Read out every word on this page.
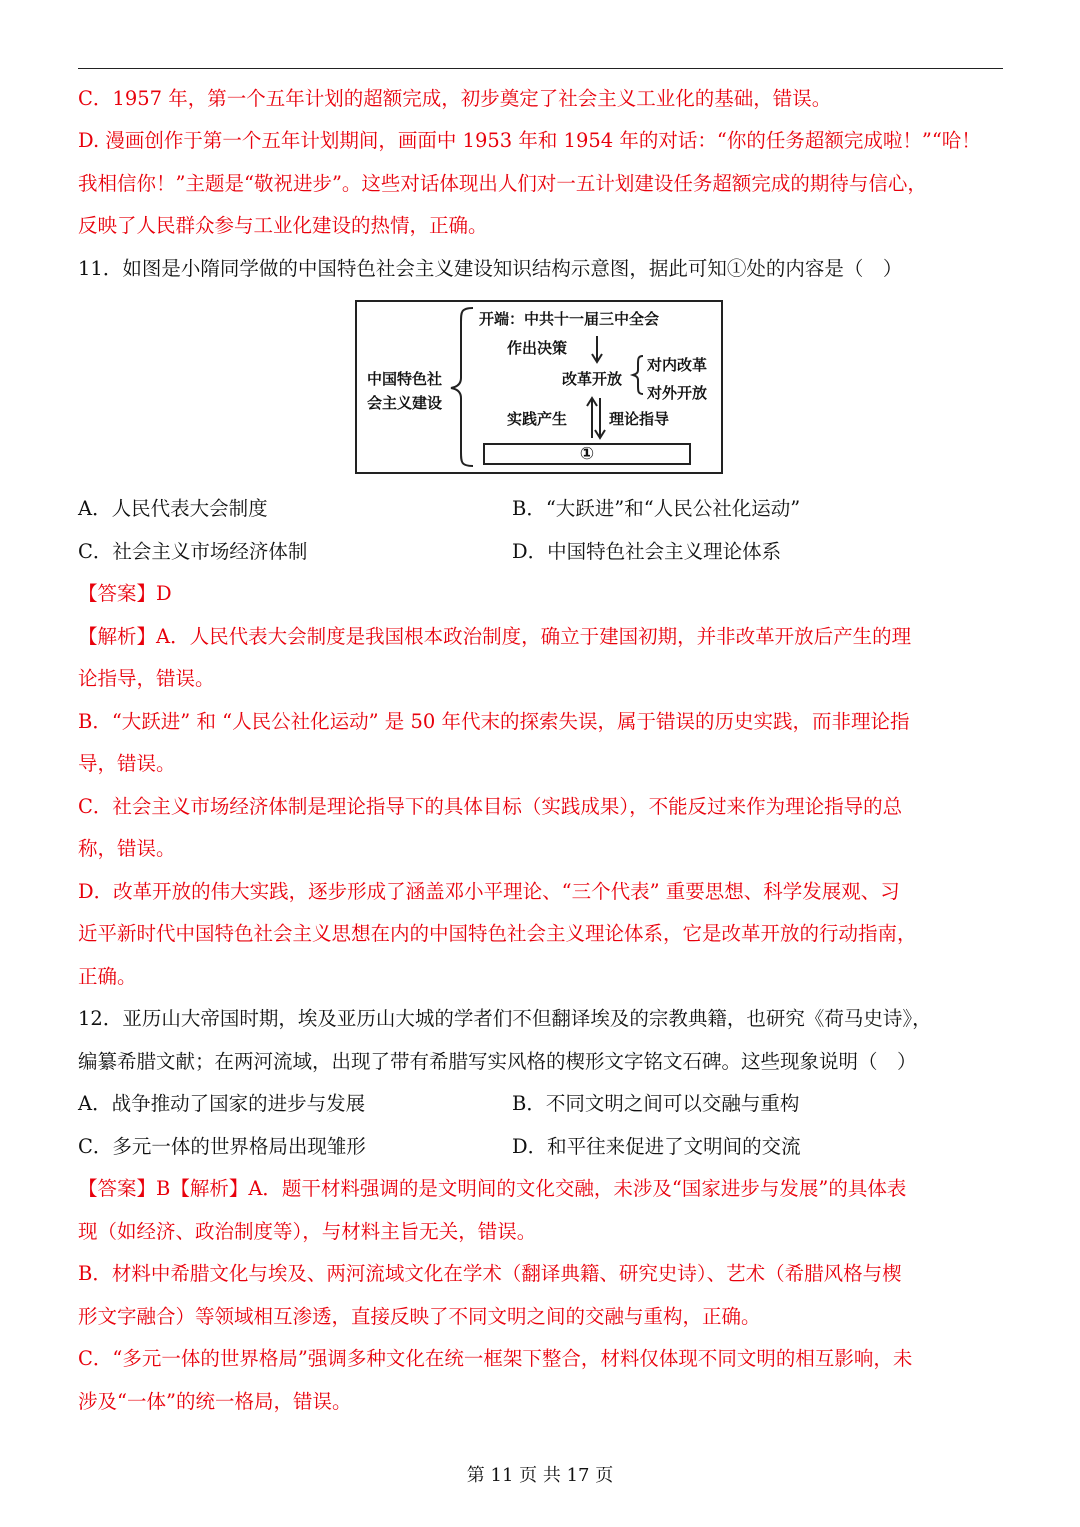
C．1957 年，第一个五年计划的超额完成，初步奠定了社会主义工业化的基础，错误。
D. 漫画创作于第一个五年计划期间，画面中 1953 年和 1954 年的对话：“你的任务超额完成啦！”“哈！
我相信你！”主题是“敬祝进步”。这些对话体现出人们对一五计划建设任务超额完成的期待与信心，
反映了人民群众参与工业化建设的热情，正确。
11．如图是小隋同学做的中国特色社会主义建设知识结构示意图，据此可知①处的内容是（　）
中国特色社
会主义建设
开端：中共十一届三中全会
作出决策
改革开放
对内改革
对外开放
实践产生	理论指导
①
A．人民代表大会制度	B．“大跃进”和“人民公社化运动”
C．社会主义市场经济体制	D．中国特色社会主义理论体系
【答案】D
【解析】A．人民代表大会制度是我国根本政治制度，确立于建国初期，并非改革开放后产生的理
论指导，错误。
B．“大跃进” 和 “人民公社化运动” 是 50 年代末的探索失误，属于错误的历史实践，而非理论指
导，错误。
C．社会主义市场经济体制是理论指导下的具体目标（实践成果），不能反过来作为理论指导的总
称，错误。
D．改革开放的伟大实践，逐步形成了涵盖邓小平理论、“三个代表” 重要思想、科学发展观、习
近平新时代中国特色社会主义思想在内的中国特色社会主义理论体系，它是改革开放的行动指南，
正确。
12．亚历山大帝国时期，埃及亚历山大城的学者们不但翻译埃及的宗教典籍，也研究《荷马史诗》，
编纂希腊文献；在两河流域，出现了带有希腊写实风格的楔形文字铭文石碑。这些现象说明（　）
A．战争推动了国家的进步与发展	B．不同文明之间可以交融与重构
C．多元一体的世界格局出现雏形	D．和平往来促进了文明间的交流
【答案】B【解析】A．题干材料强调的是文明间的文化交融，未涉及“国家进步与发展”的具体表
现（如经济、政治制度等），与材料主旨无关，错误。
B．材料中希腊文化与埃及、两河流域文化在学术（翻译典籍、研究史诗）、艺术（希腊风格与楔
形文字融合）等领域相互渗透，直接反映了不同文明之间的交融与重构，正确。
C．“多元一体的世界格局”强调多种文化在统一框架下整合，材料仅体现不同文明的相互影响，未
涉及“一体”的统一格局，错误。
第 11 页 共 17 页
